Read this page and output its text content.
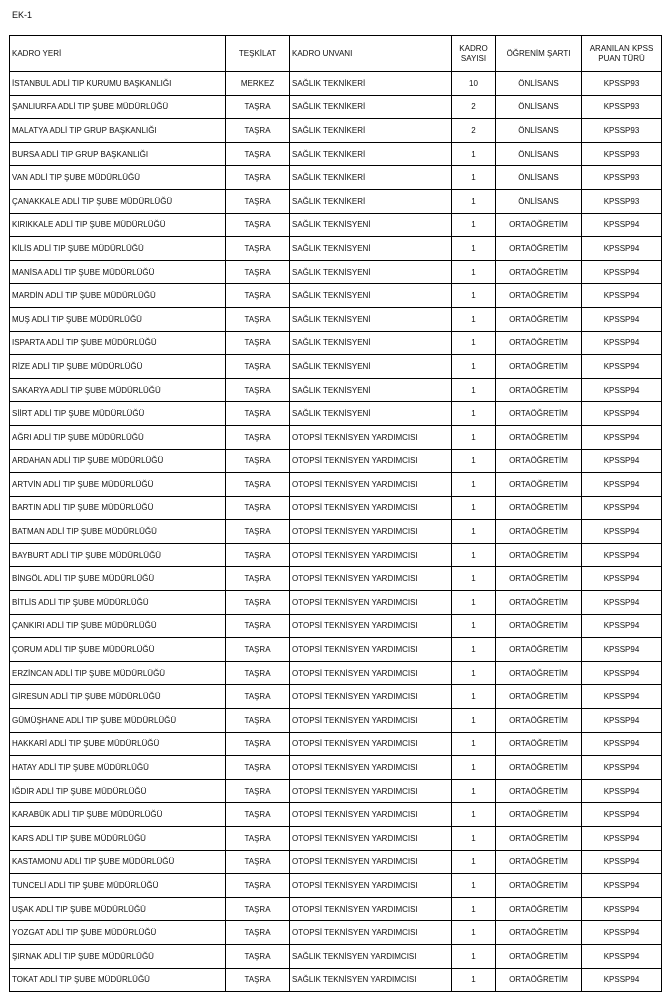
EK-1
KADRO YERİ	TEŞKİLAT	KADRO UNVANI	KADRO SAYISI	ÖĞRENİM ŞARTI	ARANILAN KPSS PUAN TÜRÜ
İSTANBUL ADLİ TIP KURUMU BAŞKANLIĞI	MERKEZ	SAĞLIK TEKNİKERİ	10	ÖNLİSANS	KPSSP93
ŞANLIURFA ADLİ TIP ŞUBE MÜDÜRLÜĞÜ	TAŞRA	SAĞLIK TEKNİKERİ	2	ÖNLİSANS	KPSSP93
MALATYA ADLİ TIP GRUP BAŞKANLIĞI	TAŞRA	SAĞLIK TEKNİKERİ	2	ÖNLİSANS	KPSSP93
BURSA ADLİ TIP GRUP BAŞKANLIĞI	TAŞRA	SAĞLIK TEKNİKERİ	1	ÖNLİSANS	KPSSP93
VAN ADLİ TIP ŞUBE MÜDÜRLÜĞÜ	TAŞRA	SAĞLIK TEKNİKERİ	1	ÖNLİSANS	KPSSP93
ÇANAKKALE ADLİ TIP ŞUBE MÜDÜRLÜĞÜ	TAŞRA	SAĞLIK TEKNİKERİ	1	ÖNLİSANS	KPSSP93
KIRIKKALE ADLİ TIP ŞUBE MÜDÜRLÜĞÜ	TAŞRA	SAĞLIK TEKNİSYENİ	1	ORTAÖĞRETİM	KPSSP94
KİLİS ADLİ TIP ŞUBE MÜDÜRLÜĞÜ	TAŞRA	SAĞLIK TEKNİSYENİ	1	ORTAÖĞRETİM	KPSSP94
MANİSA ADLİ TIP ŞUBE MÜDÜRLÜĞÜ	TAŞRA	SAĞLIK TEKNİSYENİ	1	ORTAÖĞRETİM	KPSSP94
MARDİN ADLİ TIP ŞUBE MÜDÜRLÜĞÜ	TAŞRA	SAĞLIK TEKNİSYENİ	1	ORTAÖĞRETİM	KPSSP94
MUŞ ADLİ TIP ŞUBE MÜDÜRLÜĞÜ	TAŞRA	SAĞLIK TEKNİSYENİ	1	ORTAÖĞRETİM	KPSSP94
ISPARTA ADLİ TIP ŞUBE MÜDÜRLÜĞÜ	TAŞRA	SAĞLIK TEKNİSYENİ	1	ORTAÖĞRETİM	KPSSP94
RİZE ADLİ TIP ŞUBE MÜDÜRLÜĞÜ	TAŞRA	SAĞLIK TEKNİSYENİ	1	ORTAÖĞRETİM	KPSSP94
SAKARYA ADLİ TIP ŞUBE MÜDÜRLÜĞÜ	TAŞRA	SAĞLIK TEKNİSYENİ	1	ORTAÖĞRETİM	KPSSP94
SİİRT ADLİ TIP ŞUBE MÜDÜRLÜĞÜ	TAŞRA	SAĞLIK TEKNİSYENİ	1	ORTAÖĞRETİM	KPSSP94
AĞRI ADLİ TIP ŞUBE MÜDÜRLÜĞÜ	TAŞRA	OTOPSİ TEKNİSYEN YARDIMCISI	1	ORTAÖĞRETİM	KPSSP94
ARDAHAN ADLİ TIP ŞUBE MÜDÜRLÜĞÜ	TAŞRA	OTOPSİ TEKNİSYEN YARDIMCISI	1	ORTAÖĞRETİM	KPSSP94
ARTVİN ADLİ TIP ŞUBE MÜDÜRLÜĞÜ	TAŞRA	OTOPSİ TEKNİSYEN YARDIMCISI	1	ORTAÖĞRETİM	KPSSP94
BARTIN ADLİ TIP ŞUBE MÜDÜRLÜĞÜ	TAŞRA	OTOPSİ TEKNİSYEN YARDIMCISI	1	ORTAÖĞRETİM	KPSSP94
BATMAN ADLİ TIP ŞUBE MÜDÜRLÜĞÜ	TAŞRA	OTOPSİ TEKNİSYEN YARDIMCISI	1	ORTAÖĞRETİM	KPSSP94
BAYBURT ADLİ TIP ŞUBE MÜDÜRLÜĞÜ	TAŞRA	OTOPSİ TEKNİSYEN YARDIMCISI	1	ORTAÖĞRETİM	KPSSP94
BİNGÖL ADLİ TIP ŞUBE MÜDÜRLÜĞÜ	TAŞRA	OTOPSİ TEKNİSYEN YARDIMCISI	1	ORTAÖĞRETİM	KPSSP94
BİTLİS ADLİ TIP ŞUBE MÜDÜRLÜĞÜ	TAŞRA	OTOPSİ TEKNİSYEN YARDIMCISI	1	ORTAÖĞRETİM	KPSSP94
ÇANKIRI ADLİ TIP ŞUBE MÜDÜRLÜĞÜ	TAŞRA	OTOPSİ TEKNİSYEN YARDIMCISI	1	ORTAÖĞRETİM	KPSSP94
ÇORUM ADLİ TIP ŞUBE MÜDÜRLÜĞÜ	TAŞRA	OTOPSİ TEKNİSYEN YARDIMCISI	1	ORTAÖĞRETİM	KPSSP94
ERZİNCAN ADLİ TIP ŞUBE MÜDÜRLÜĞÜ	TAŞRA	OTOPSİ TEKNİSYEN YARDIMCISI	1	ORTAÖĞRETİM	KPSSP94
GİRESUN ADLİ TIP ŞUBE MÜDÜRLÜĞÜ	TAŞRA	OTOPSİ TEKNİSYEN YARDIMCISI	1	ORTAÖĞRETİM	KPSSP94
GÜMÜŞHANE ADLİ TIP ŞUBE MÜDÜRLÜĞÜ	TAŞRA	OTOPSİ TEKNİSYEN YARDIMCISI	1	ORTAÖĞRETİM	KPSSP94
HAKKARİ ADLİ TIP ŞUBE MÜDÜRLÜĞÜ	TAŞRA	OTOPSİ TEKNİSYEN YARDIMCISI	1	ORTAÖĞRETİM	KPSSP94
HATAY ADLİ TIP ŞUBE MÜDÜRLÜĞÜ	TAŞRA	OTOPSİ TEKNİSYEN YARDIMCISI	1	ORTAÖĞRETİM	KPSSP94
IĞDIR ADLİ TIP ŞUBE MÜDÜRLÜĞÜ	TAŞRA	OTOPSİ TEKNİSYEN YARDIMCISI	1	ORTAÖĞRETİM	KPSSP94
KARABÜK ADLİ TIP ŞUBE MÜDÜRLÜĞÜ	TAŞRA	OTOPSİ TEKNİSYEN YARDIMCISI	1	ORTAÖĞRETİM	KPSSP94
KARS ADLİ TIP ŞUBE MÜDÜRLÜĞÜ	TAŞRA	OTOPSİ TEKNİSYEN YARDIMCISI	1	ORTAÖĞRETİM	KPSSP94
KASTAMONU ADLİ TIP ŞUBE MÜDÜRLÜĞÜ	TAŞRA	OTOPSİ TEKNİSYEN YARDIMCISI	1	ORTAÖĞRETİM	KPSSP94
TUNCELİ ADLİ TIP ŞUBE MÜDÜRLÜĞÜ	TAŞRA	OTOPSİ TEKNİSYEN YARDIMCISI	1	ORTAÖĞRETİM	KPSSP94
UŞAK ADLİ TIP ŞUBE MÜDÜRLÜĞÜ	TAŞRA	OTOPSİ TEKNİSYEN YARDIMCISI	1	ORTAÖĞRETİM	KPSSP94
YOZGAT ADLİ TIP ŞUBE MÜDÜRLÜĞÜ	TAŞRA	OTOPSİ TEKNİSYEN YARDIMCISI	1	ORTAÖĞRETİM	KPSSP94
ŞIRNAK ADLİ TIP ŞUBE MÜDÜRLÜĞÜ	TAŞRA	SAĞLIK TEKNİSYEN YARDIMCISI	1	ORTAÖĞRETİM	KPSSP94
TOKAT ADLİ TIP ŞUBE MÜDÜRLÜĞÜ	TAŞRA	SAĞLIK TEKNİSYEN YARDIMCISI	1	ORTAÖĞRETİM	KPSSP94
